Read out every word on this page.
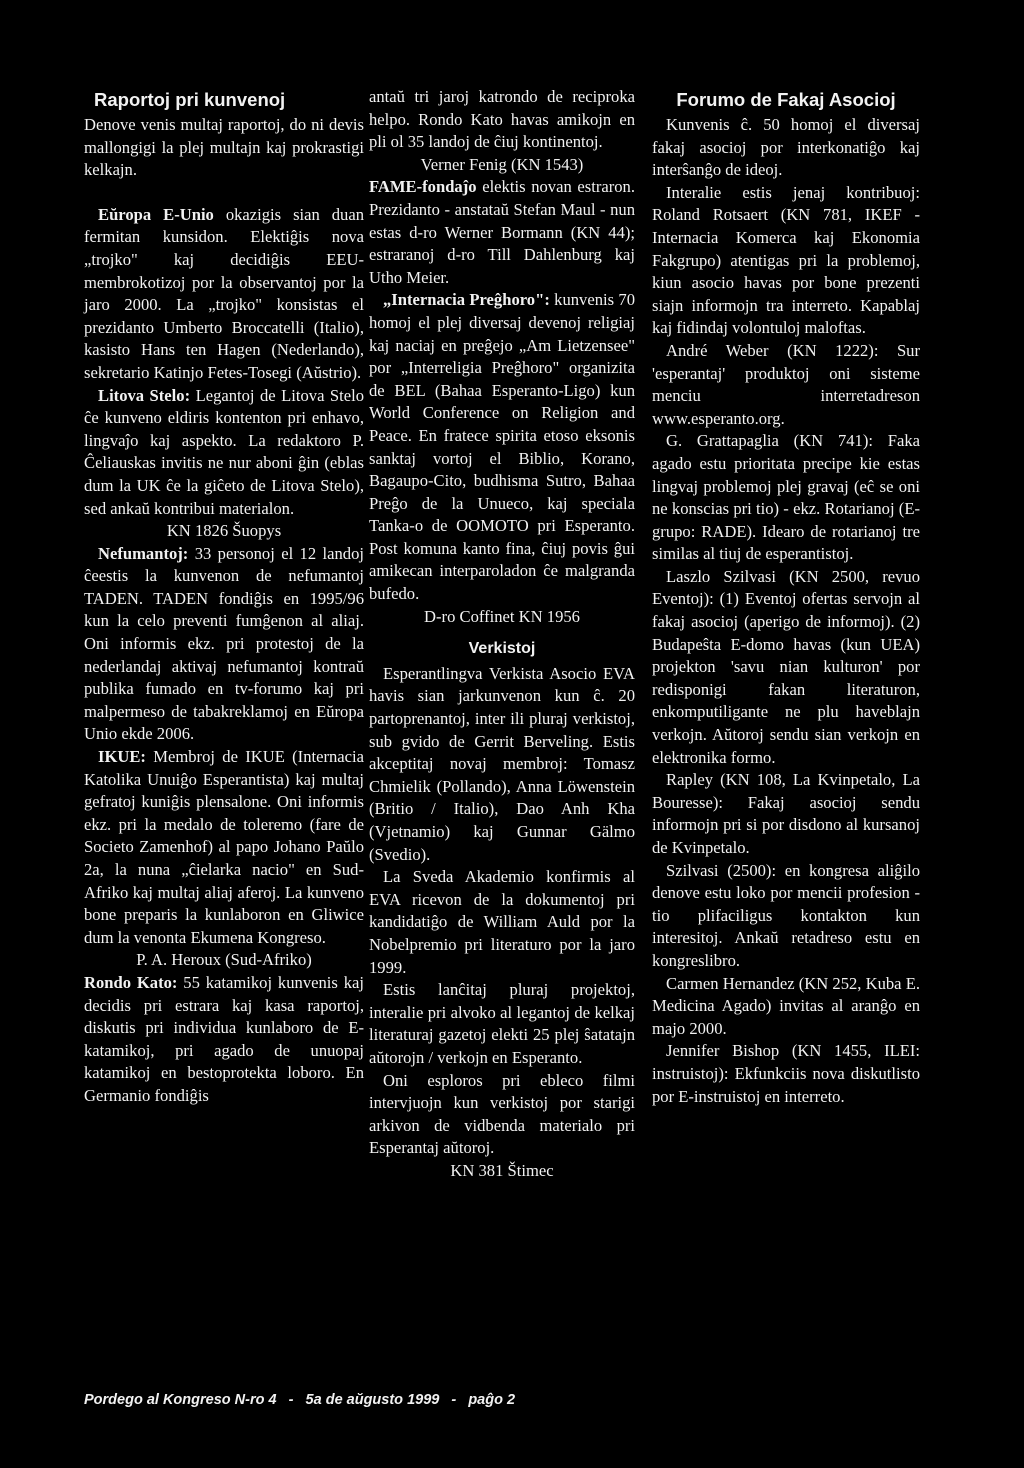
Raportoj pri kunvenoj

Denove venis multaj raportoj, do ni devis mallongigi la plej multajn kaj prokrastigi kelkajn.

Eŭropa E-Unio okazigis sian duan fermitan kunsidon. Elektiĝis nova „trojko" kaj decidiĝis EEU-membrokotizoj por la observantoj por la jaro 2000. La „trojko" konsistas el prezidanto Umberto Broccatelli (Italio), kasisto Hans ten Hagen (Nederlando), sekretario Katinjo Fetes-Tosegi (Aŭstrio).

Litova Stelo: Legantoj de Litova Stelo ĉe kunveno eldiris kontenton pri enhavo, lingvaĵo kaj aspekto. La redaktoro P. Ĉeliauskas invitis ne nur aboni ĝin (eblas dum la UK ĉe la giĉeto de Litova Stelo), sed ankaŭ kontribui materialon.

KN 1826 Šuopys

Nefumantoj: 33 personoj el 12 landoj ĉeestis la kunvenon de nefumantoj TADEN. TADEN fondiĝis en 1995/96 kun la celo preventi fumĝenon al aliaj. Oni informis ekz. pri protestoj de la nederlandaj aktivaj nefumantoj kontraŭ publika fumado en tv-forumo kaj pri malpermeso de tabakreklamoj en Eŭropa Unio ekde 2006.

IKUE: Membroj de IKUE (Internacia Katolika Unuiĝo Esperantista) kaj multaj gefratoj kuniĝis plensalone. Oni informis ekz. pri la medalo de toleremo (fare de Societo Zamenhof) al papo Johano Paŭlo 2a, la nuna „ĉielarka nacio" en Sud-Afriko kaj multaj aliaj aferoj. La kunveno bone preparis la kunlaboron en Gliwice dum la venonta Ekumena Kongreso.

P. A. Heroux (Sud-Afriko)

Rondo Kato: 55 katamikoj kunvenis kaj decidis pri estrara kaj kasa raportoj, diskutis pri individua kunlaboro de E-katamikoj, pri agado de unuopaj katamikoj en bestoprotekta loboro. En Germanio fondiĝis

antaŭ tri jaroj katrondo de reciproka helpo. Rondo Kato havas amikojn en pli ol 35 landoj de ĉiuj kontinentoj.

Verner Fenig (KN 1543)

FAME-fondaĵo elektis novan estraron. Prezidanto - anstataŭ Stefan Maul - nun estas d-ro Werner Bormann (KN 44); estraranoj d-ro Till Dahlenburg kaj Utho Meier.

„Internacia Preĝhoro": kunvenis 70 homoj el plej diversaj devenoj religiaj kaj naciaj en preĝejo „Am Lietzensee" por „Interreligia Preĝhoro" organizita de BEL (Bahaa Esperanto-Ligo) kun World Conference on Religion and Peace. En fratece spirita etoso eksonis sanktaj vortoj el Biblio, Korano, Bagaupo-Cito, budhisma Sutro, Bahaa Preĝo de la Unueco, kaj speciala Tanka-o de OOMOTO pri Esperanto. Post komuna kanto fina, ĉiuj povis ĝui amikecan interparoladon ĉe malgranda bufedo.

D-ro Coffinet KN 1956

Verkistoj

Esperantlingva Verkista Asocio EVA havis sian jarkunvenon kun ĉ. 20 partoprenantoj, inter ili pluraj verkistoj, sub gvido de Gerrit Berveling. Estis akceptitaj novaj membroj: Tomasz Chmielik (Pollando), Anna Löwenstein (Britio / Italio), Dao Anh Kha (Vjetnamio) kaj Gunnar Gälmo (Svedio).

La Sveda Akademio konfirmis al EVA ricevon de la dokumentoj pri kandidatiĝo de William Auld por la Nobelpremio pri literaturo por la jaro 1999.

Estis lanĉitaj pluraj projektoj, interalie pri alvoko al legantoj de kelkaj literaturaj gazetoj elekti 25 plej ŝatatajn aŭtorojn / verkojn en Esperanto.

Oni esploros pri ebleco filmi intervjuojn kun verkistoj por starigi arkivon de vidbenda materialo pri Esperantaj aŭtoroj.

KN 381 Štimec

Forumo de Fakaj Asocioj

Kunvenis ĉ. 50 homoj el diversaj fakaj asocioj por interkonatiĝo kaj interŝanĝo de ideoj.

Interalie estis jenaj kontribuoj: Roland Rotsaert (KN 781, IKEF - Internacia Komerca kaj Ekonomia Fakgrupo) atentigas pri la problemoj, kiun asocio havas por bone prezenti siajn informojn tra interreto. Kapablaj kaj fidindaj volontuloj maloftas.

André Weber (KN 1222): Sur 'esperantaj' produktoj oni sisteme menciu interretadreson www.esperanto.org.

G. Grattapaglia (KN 741): Faka agado estu prioritata precipe kie estas lingvaj problemoj plej gravaj (eĉ se oni ne konscias pri tio) - ekz. Rotarianoj (E-grupo: RADE). Idearo de rotarianoj tre similas al tiuj de esperantistoj.

Laszlo Szilvasi (KN 2500, revuo Eventoj): (1) Eventoj ofertas servojn al fakaj asocioj (aperigo de informoj). (2) Budapeŝta E-domo havas (kun UEA) projekton 'savu nian kulturon' por redisponigi fakan literaturon, enkomputiligante ne plu haveblajn verkojn. Aŭtoroj sendu sian verkojn en elektronika formo.

Rapley (KN 108, La Kvinpetalo, La Bouresse): Fakaj asocioj sendu informojn pri si por disdono al kursanoj de Kvinpetalo.

Szilvasi (2500): en kongresa aliĝilo denove estu loko por mencii profesion - tio plifaciligus kontakton kun interesitoj. Ankaŭ retadreso estu en kongreslibro.

Carmen Hernandez (KN 252, Kuba E. Medicina Agado) invitas al aranĝo en majo 2000.

Jennifer Bishop (KN 1455, ILEI: instruistoj): Ekfunkciis nova diskutlisto por E-instruistoj en interreto.

Pordego al Kongreso N-ro 4   -   5a de aŭgusto 1999   -   paĝo 2
